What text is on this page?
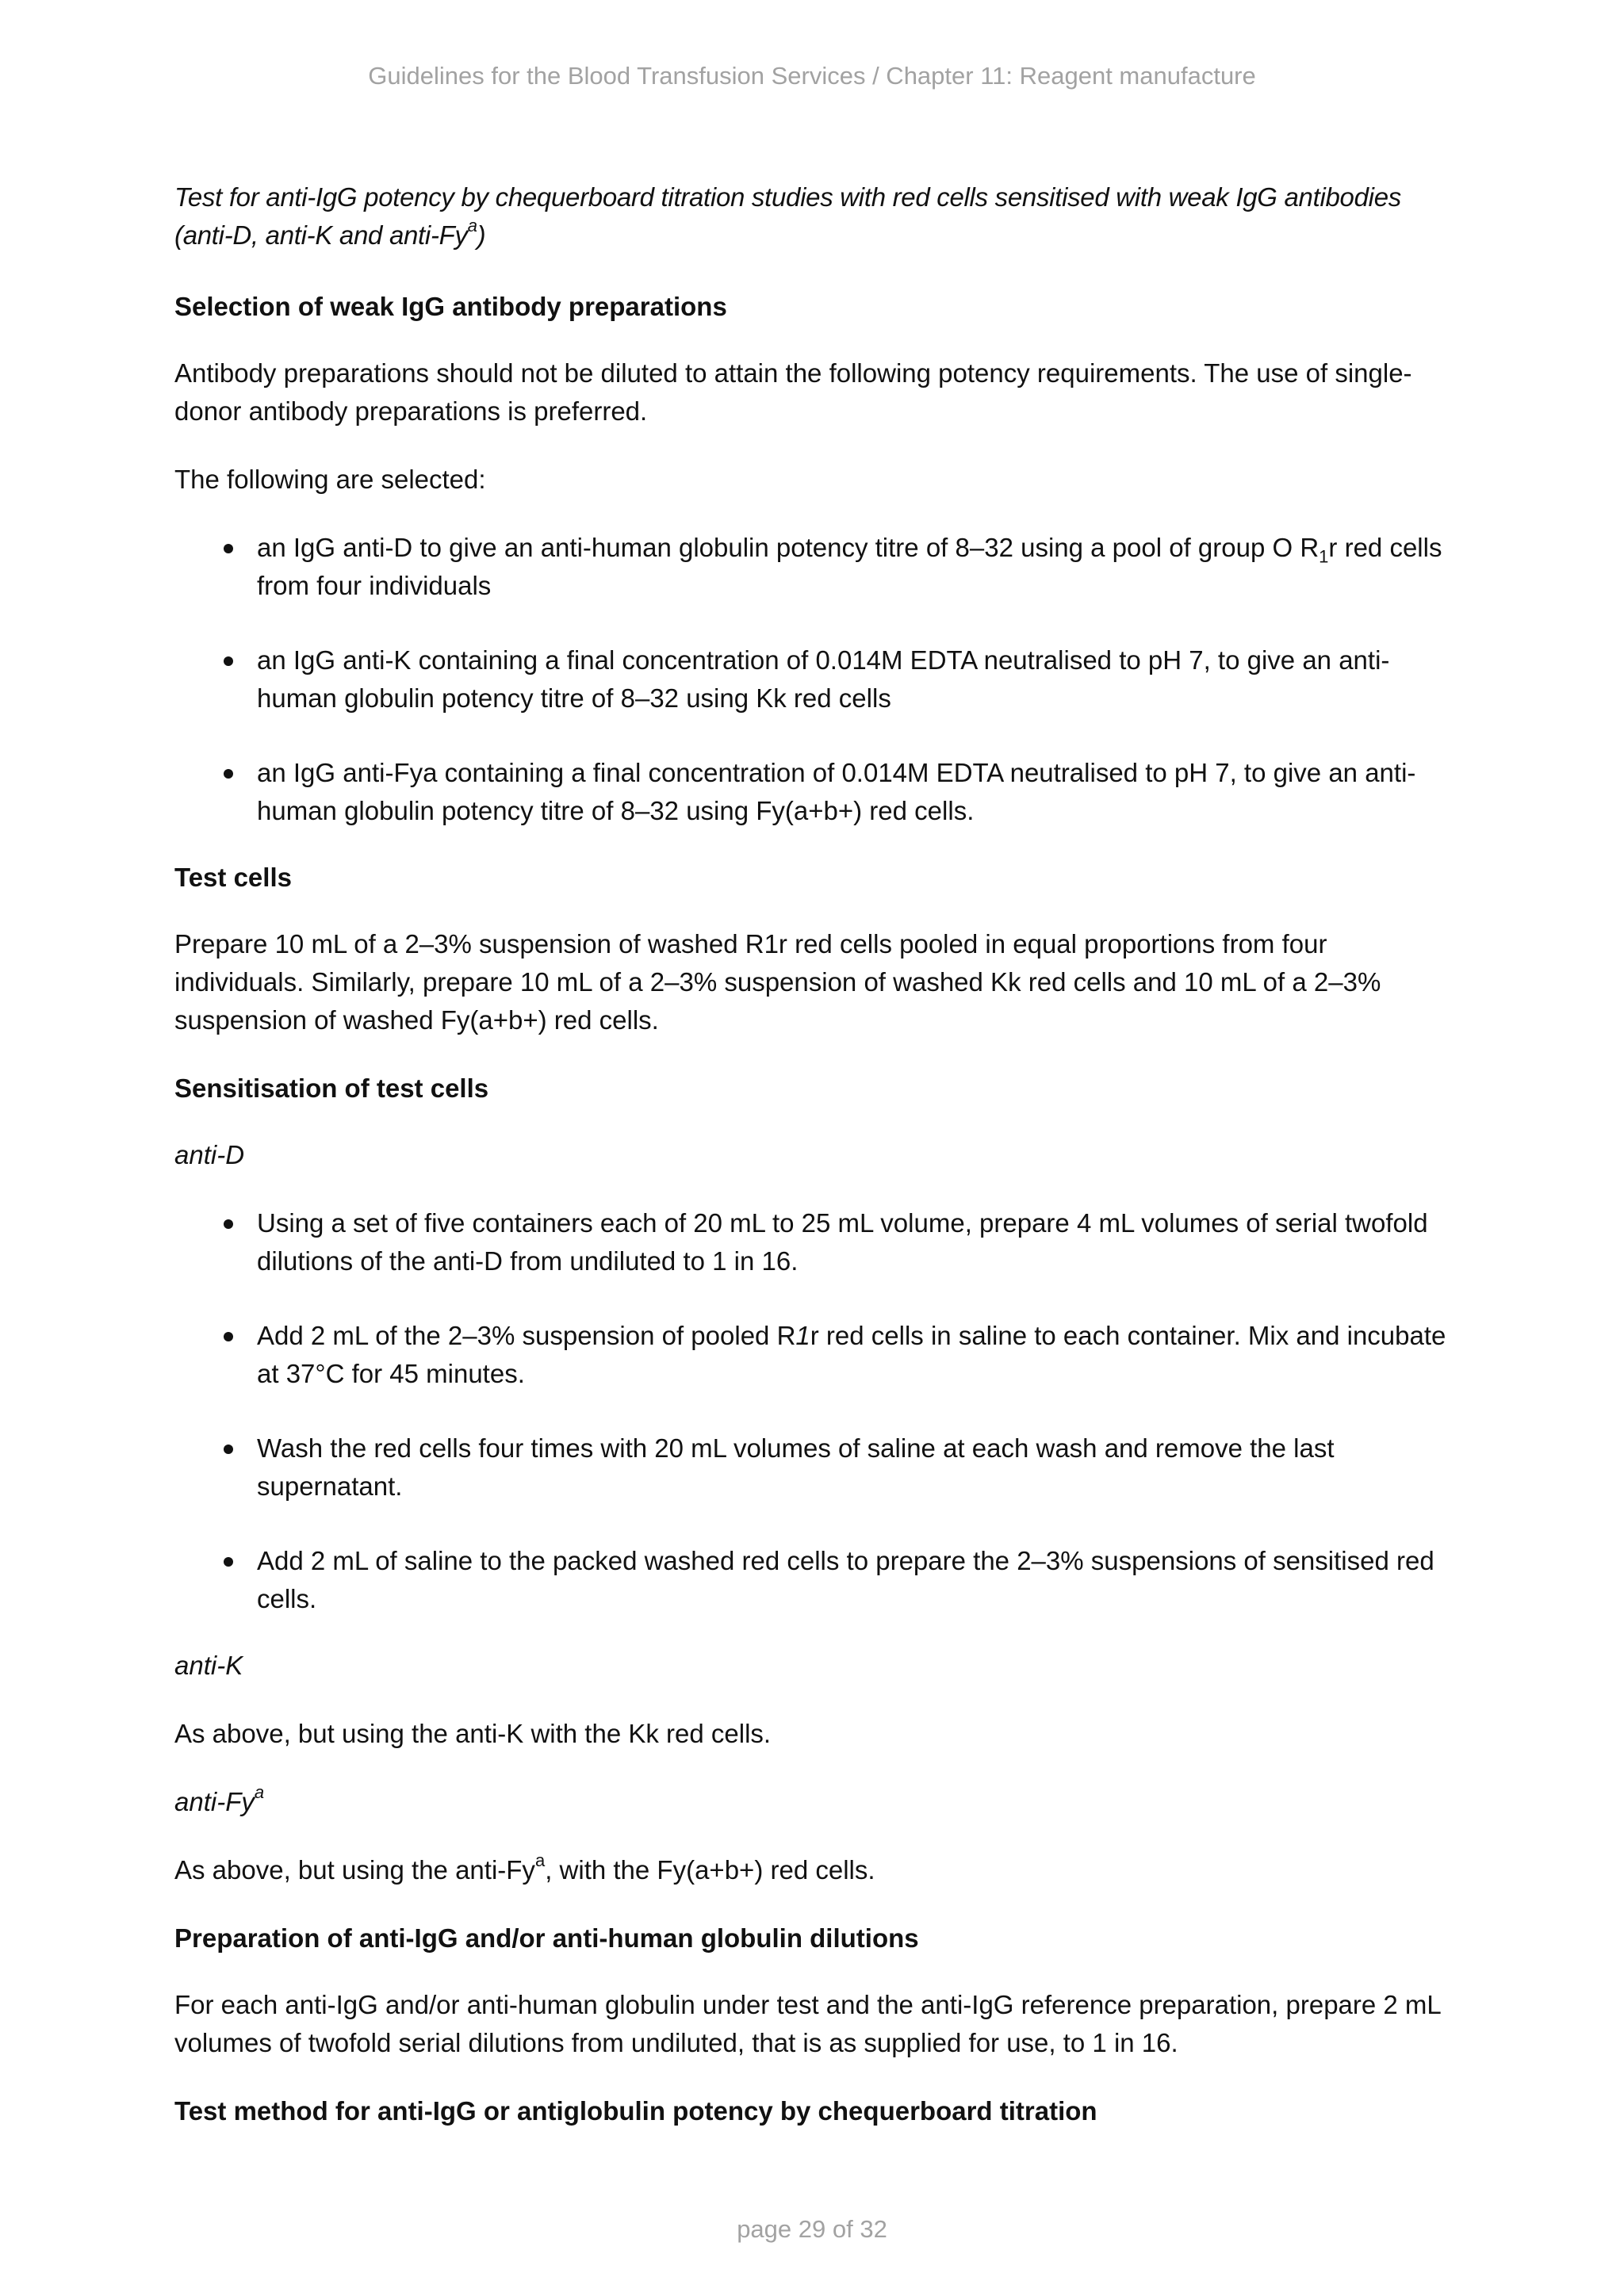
Guidelines for the Blood Transfusion Services / Chapter 11: Reagent manufacture

Test for anti-IgG potency by chequerboard titration studies with red cells sensitised with weak IgG antibodies (anti-D, anti-K and anti-Fy$^a$)

Selection of weak IgG antibody preparations

Antibody preparations should not be diluted to attain the following potency requirements. The use of single-donor antibody preparations is preferred.

The following are selected:

an IgG anti-D to give an anti-human globulin potency titre of 8–32 using a pool of group O $R_1r$ red cells from four individuals
an IgG anti-K containing a final concentration of 0.014M EDTA neutralised to pH 7, to give an anti-human globulin potency titre of 8–32 using Kk red cells
an IgG anti-Fya containing a final concentration of 0.014M EDTA neutralised to pH 7, to give an anti-human globulin potency titre of 8–32 using Fy(a+b+) red cells.

Test cells

Prepare 10 mL of a 2–3% suspension of washed R1r red cells pooled in equal proportions from four individuals. Similarly, prepare 10 mL of a 2–3% suspension of washed Kk red cells and 10 mL of a 2–3% suspension of washed Fy(a+b+) red cells.

Sensitisation of test cells

anti-D

Using a set of five containers each of 20 mL to 25 mL volume, prepare 4 mL volumes of serial twofold dilutions of the anti-D from undiluted to 1 in 16.
Add 2 mL of the 2–3% suspension of pooled R1r red cells in saline to each container. Mix and incubate at 37°C for 45 minutes.
Wash the red cells four times with 20 mL volumes of saline at each wash and remove the last supernatant.
Add 2 mL of saline to the packed washed red cells to prepare the 2–3% suspensions of sensitised red cells.

anti-K

As above, but using the anti-K with the Kk red cells.

anti-Fy$^a$

As above, but using the anti-Fy$^a$, with the Fy(a+b+) red cells.

Preparation of anti-IgG and/or anti-human globulin dilutions

For each anti-IgG and/or anti-human globulin under test and the anti-IgG reference preparation, prepare 2 mL volumes of twofold serial dilutions from undiluted, that is as supplied for use, to 1 in 16.

Test method for anti-IgG or antiglobulin potency by chequerboard titration

page 29 of 32
